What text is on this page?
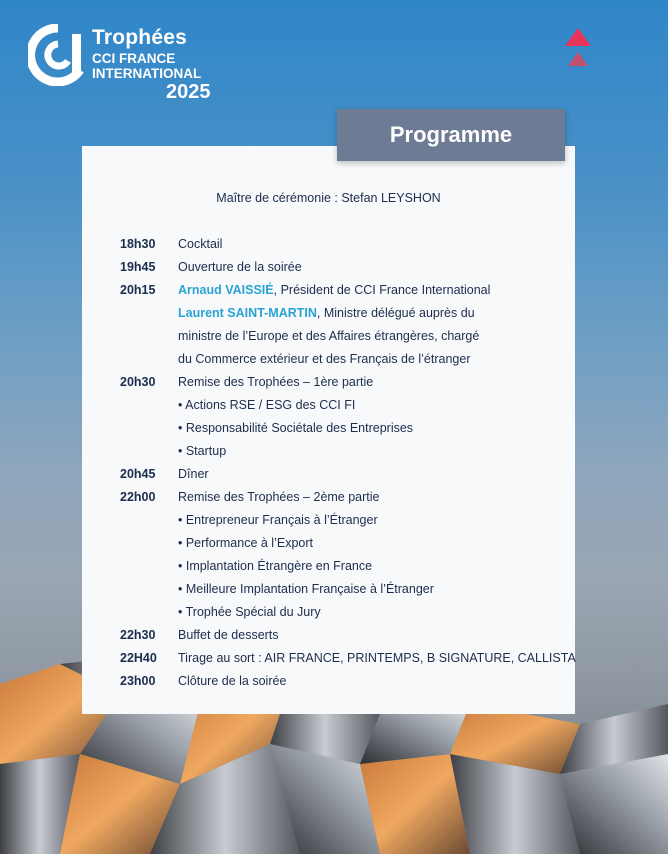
Trophées
CCI FRANCE
INTERNATIONAL
2025
Maître de cérémonie : Stefan LEYSHON
18h30 Cocktail
19h45 Ouverture de la soirée
20h15 Arnaud VAISSIÉ, Président de CCI France International
Laurent SAINT-MARTIN, Ministre délégué auprès du
ministre de l’Europe et des Affaires étrangères, chargé
du Commerce extérieur et des Français de l’étranger
20h30 Remise des Trophées – 1ère partie
• Actions RSE / ESG des CCI FI
• Responsabilité Sociétale des Entreprises
• Startup
20h45 Dîner
22h00 Remise des Trophées – 2ème partie
• Entrepreneur Français à l’Étranger
• Performance à l’Export
• Implantation Étrangère en France
• Meilleure Implantation Française à l’Étranger
• Trophée Spécial du Jury
22h30 Buffet de desserts
22H40 Tirage au sort : AIR FRANCE, PRINTEMPS, B SIGNATURE, CALLISTA
23h00 Clôture de la soirée
Programme
